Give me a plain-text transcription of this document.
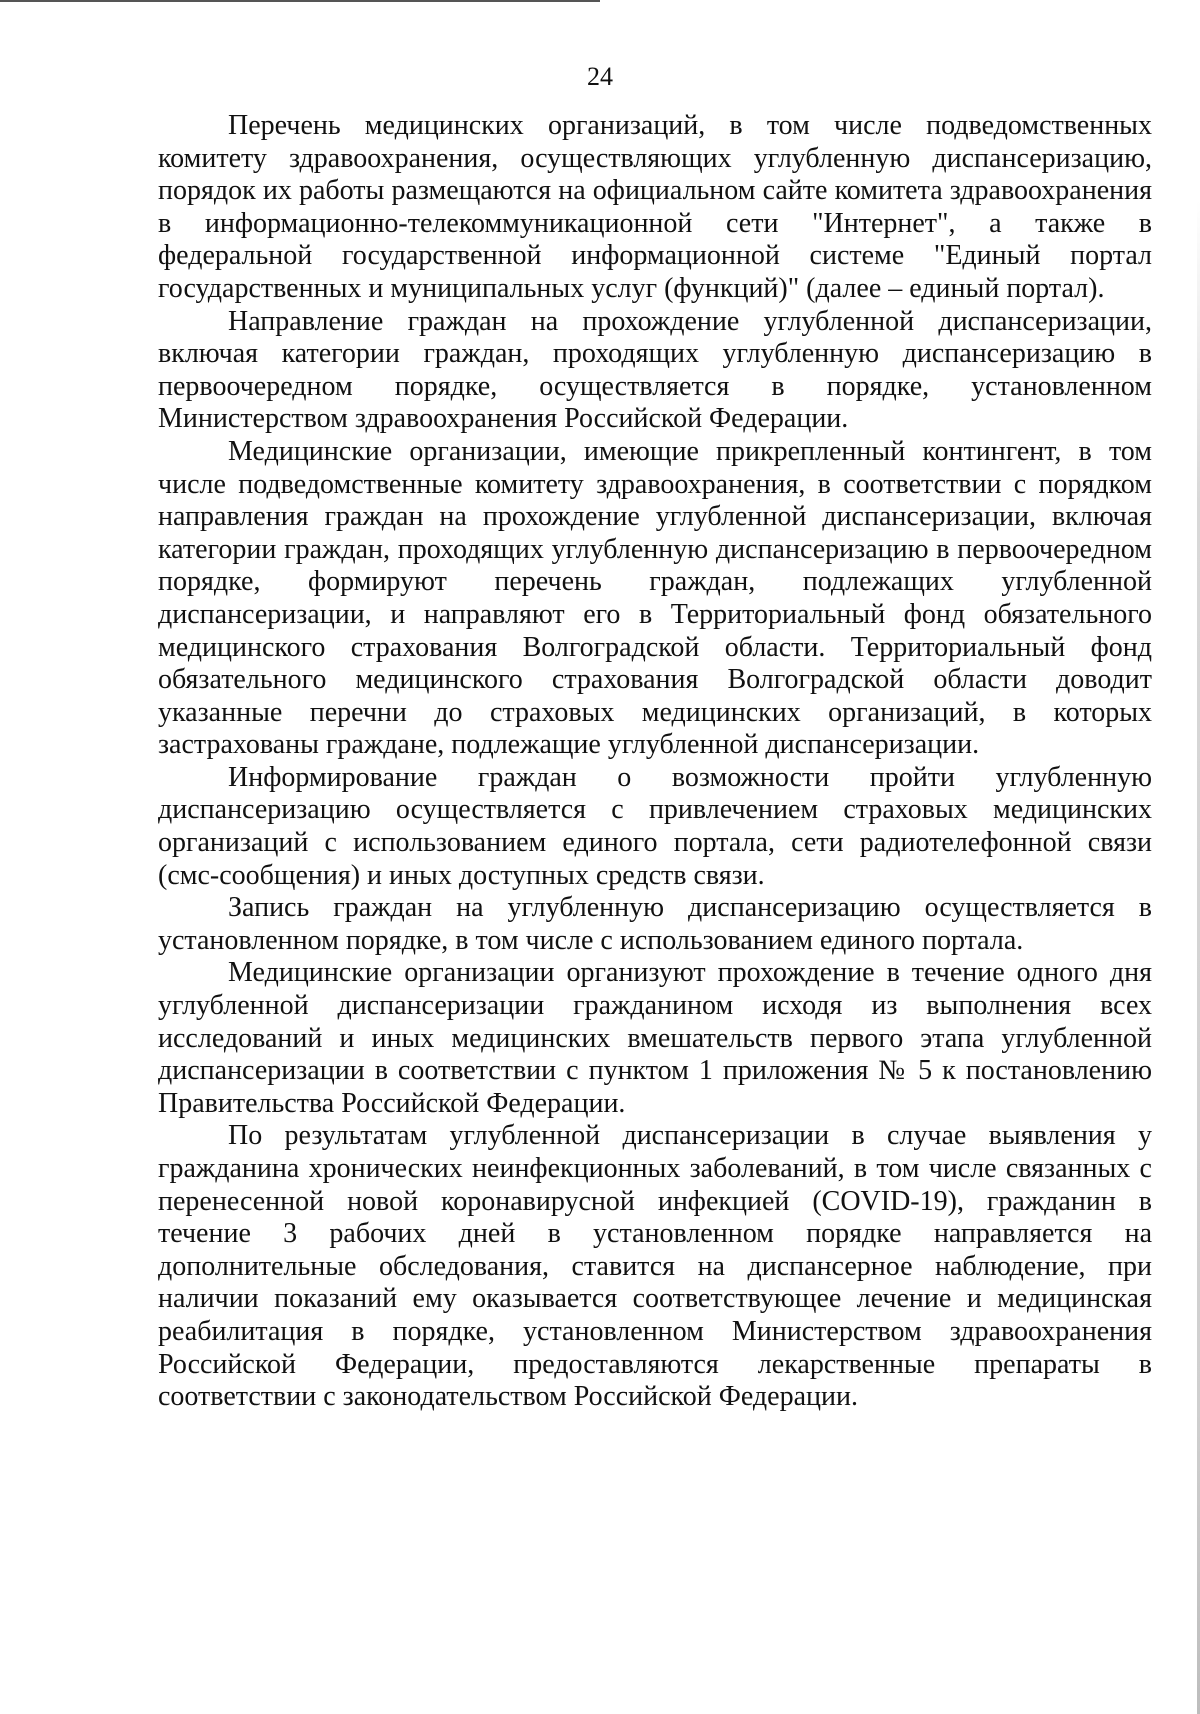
24

Перечень медицинских организаций, в том числе подведомственных комитету здравоохранения, осуществляющих углубленную диспансеризацию, порядок их работы размещаются на официальном сайте комитета здравоохранения в информационно-телекоммуникационной сети "Интернет", а также в федеральной государственной информационной системе "Единый портал государственных и муниципальных услуг (функций)" (далее – единый портал).

Направление граждан на прохождение углубленной диспансеризации, включая категории граждан, проходящих углубленную диспансеризацию в первоочередном порядке, осуществляется в порядке, установленном Министерством здравоохранения Российской Федерации.

Медицинские организации, имеющие прикрепленный контингент, в том числе подведомственные комитету здравоохранения, в соответствии с порядком направления граждан на прохождение углубленной диспансеризации, включая категории граждан, проходящих углубленную диспансеризацию в первоочередном порядке, формируют перечень граждан, подлежащих углубленной диспансеризации, и направляют его в Территориальный фонд обязательного медицинского страхования Волгоградской области. Территориальный фонд обязательного медицинского страхования Волгоградской области доводит указанные перечни до страховых медицинских организаций, в которых застрахованы граждане, подлежащие углубленной диспансеризации.

Информирование граждан о возможности пройти углубленную диспансеризацию осуществляется с привлечением страховых медицинских организаций с использованием единого портала, сети радиотелефонной связи (смс-сообщения) и иных доступных средств связи.

Запись граждан на углубленную диспансеризацию осуществляется в установленном порядке, в том числе с использованием единого портала.

Медицинские организации организуют прохождение в течение одного дня углубленной диспансеризации гражданином исходя из выполнения всех исследований и иных медицинских вмешательств первого этапа углубленной диспансеризации в соответствии с пунктом 1 приложения № 5 к постановлению Правительства Российской Федерации.

По результатам углубленной диспансеризации в случае выявления у гражданина хронических неинфекционных заболеваний, в том числе связанных с перенесенной новой коронавирусной инфекцией (COVID-19), гражданин в течение 3 рабочих дней в установленном порядке направляется на дополнительные обследования, ставится на диспансерное наблюдение, при наличии показаний ему оказывается соответствующее лечение и медицинская реабилитация в порядке, установленном Министерством здравоохранения Российской Федерации, предоставляются лекарственные препараты в соответствии с законодательством Российской Федерации.
